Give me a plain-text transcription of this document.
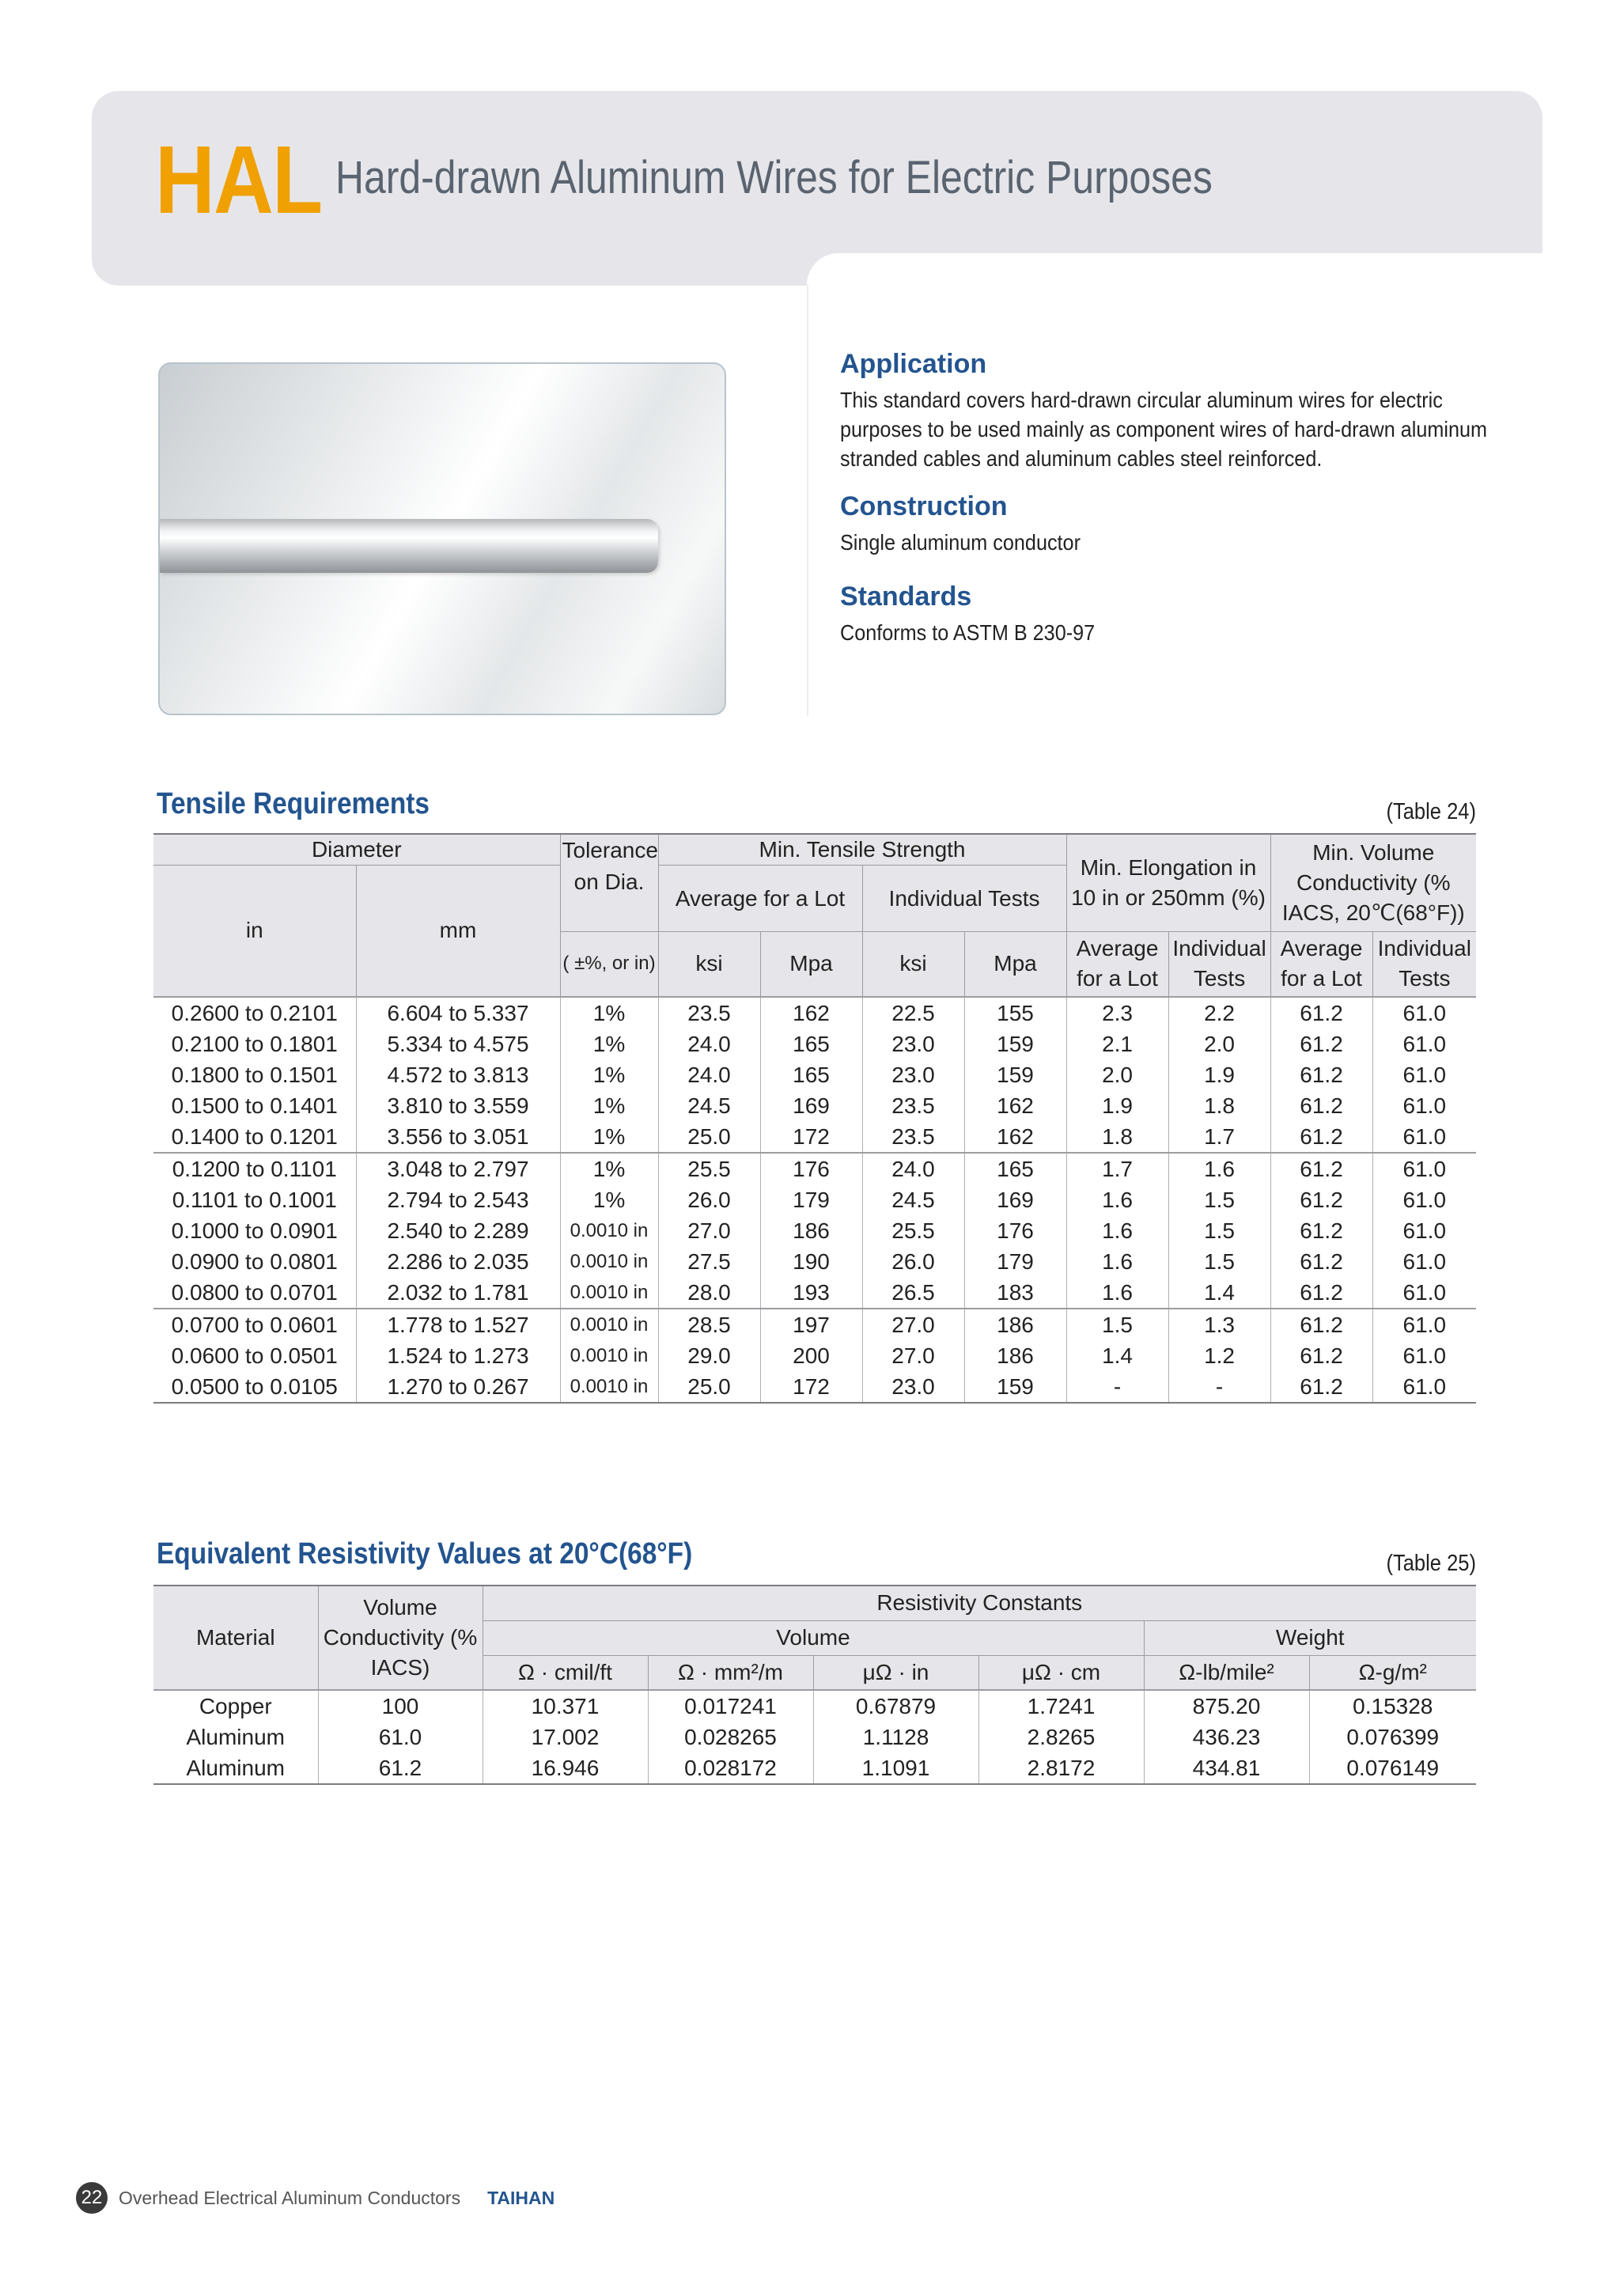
HAL Hard-drawn Aluminum Wires for Electric Purposes
Application

This standard covers hard-drawn circular aluminum wires for electric purposes to be used mainly as component wires of hard-drawn aluminum stranded cables and aluminum cables steel reinforced.

Construction

Single aluminum conductor

Standards

Conforms to ASTM B 230-97

Tensile Requirements	(Table 24)
Diameter		Tolerance on Dia.	Min. Tensile Strength				Min. Elongation in 10 in or 250mm (%)		Min. Volume Conductivity (% IACS, 20℃(68°F))	
in	mm		Average for a Lot		Individual Tests					
		( ±%, or in)	ksi	Mpa	ksi	Mpa	Average for a Lot	Individual Tests	Average for a Lot	Individual Tests
0.2600 to 0.2101	6.604 to 5.337	1%	23.5	162	22.5	155	2.3	2.2	61.2	61.0
0.2100 to 0.1801	5.334 to 4.575	1%	24.0	165	23.0	159	2.1	2.0	61.2	61.0
0.1800 to 0.1501	4.572 to 3.813	1%	24.0	165	23.0	159	2.0	1.9	61.2	61.0
0.1500 to 0.1401	3.810 to 3.559	1%	24.5	169	23.5	162	1.9	1.8	61.2	61.0
0.1400 to 0.1201	3.556 to 3.051	1%	25.0	172	23.5	162	1.8	1.7	61.2	61.0
0.1200 to 0.1101	3.048 to 2.797	1%	25.5	176	24.0	165	1.7	1.6	61.2	61.0
0.1101 to 0.1001	2.794 to 2.543	1%	26.0	179	24.5	169	1.6	1.5	61.2	61.0
0.1000 to 0.0901	2.540 to 2.289	0.0010 in	27.0	186	25.5	176	1.6	1.5	61.2	61.0
0.0900 to 0.0801	2.286 to 2.035	0.0010 in	27.5	190	26.0	179	1.6	1.5	61.2	61.0
0.0800 to 0.0701	2.032 to 1.781	0.0010 in	28.0	193	26.5	183	1.6	1.4	61.2	61.0
0.0700 to 0.0601	1.778 to 1.527	0.0010 in	28.5	197	27.0	186	1.5	1.3	61.2	61.0
0.0600 to 0.0501	1.524 to 1.273	0.0010 in	29.0	200	27.0	186	1.4	1.2	61.2	61.0
0.0500 to 0.0105	1.270 to 0.267	0.0010 in	25.0	172	23.0	159	-	-	61.2	61.0
Equivalent Resistivity Values at 20°C(68°F)	(Table 25)
Material	Volume Conductivity (% IACS)	Resistivity Constants					
		Volume				Weight	
		Ω · cmil/ft	Ω · mm²/m	μΩ · in	μΩ · cm	Ω-lb/mile²	Ω-g/m²
Copper	100	10.371	0.017241	0.67879	1.7241	875.20	0.15328
Aluminum	61.0	17.002	0.028265	1.1128	2.8265	436.23	0.076399
Aluminum	61.2	16.946	0.028172	1.1091	2.8172	434.81	0.076149
22 Overhead Electrical Aluminum Conductors TAIHAN
